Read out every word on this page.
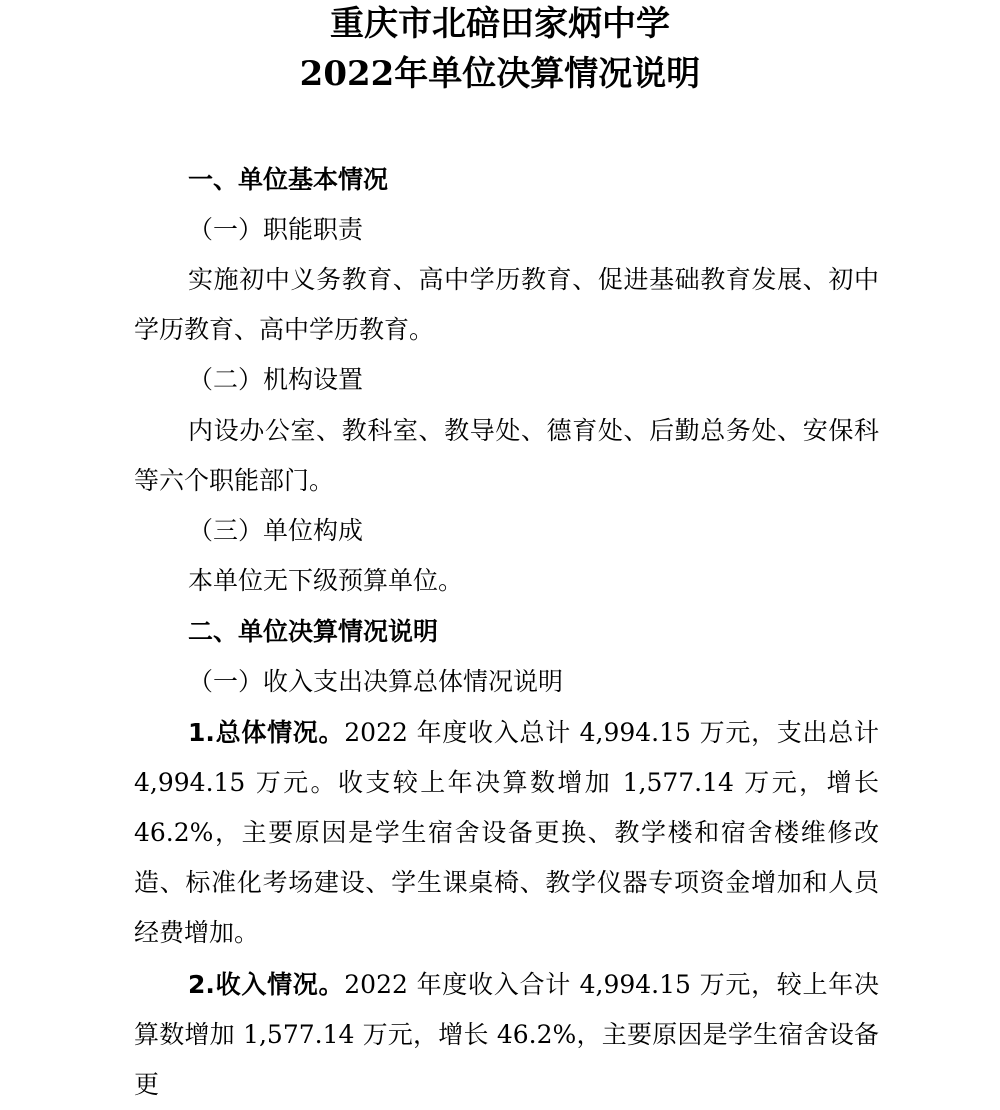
重庆市北碚田家炳中学
2022年单位决算情况说明
一、单位基本情况
（一）职能职责
实施初中义务教育、高中学历教育、促进基础教育发展、初中学历教育、高中学历教育。
（二）机构设置
内设办公室、教科室、教导处、德育处、后勤总务处、安保科等六个职能部门。
（三）单位构成
本单位无下级预算单位。
二、单位决算情况说明
（一）收入支出决算总体情况说明
1.总体情况。2022 年度收入总计 4,994.15 万元，支出总计 4,994.15 万元。收支较上年决算数增加 1,577.14 万元，增长 46.2%，主要原因是学生宿舍设备更换、教学楼和宿舍楼维修改造、标准化考场建设、学生课桌椅、教学仪器专项资金增加和人员经费增加。
2.收入情况。2022 年度收入合计 4,994.15 万元，较上年决算数增加 1,577.14 万元，增长 46.2%，主要原因是学生宿舍设备更
